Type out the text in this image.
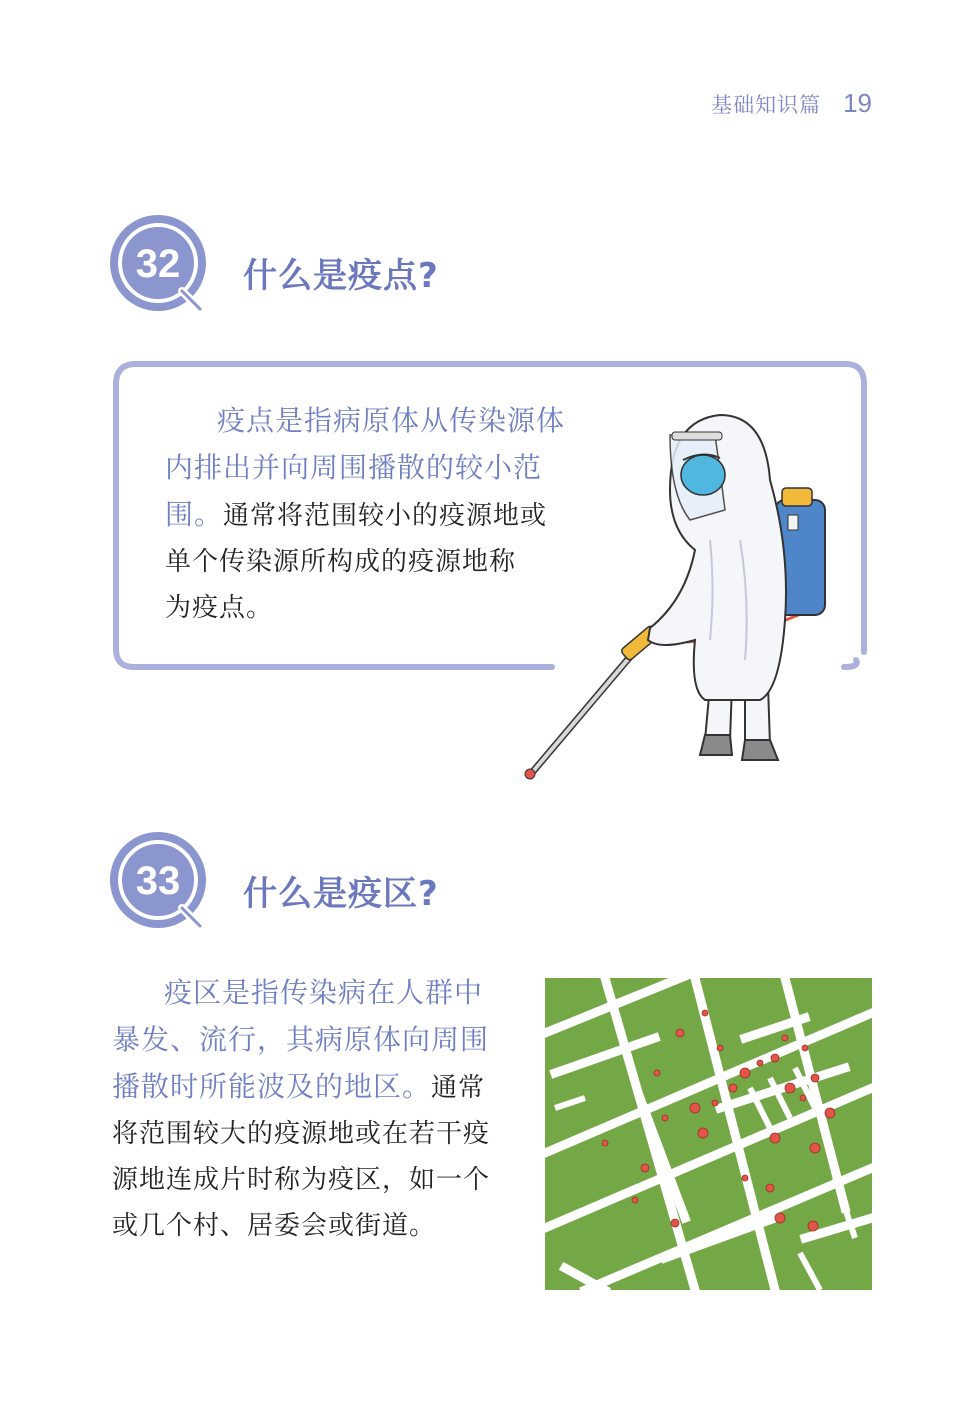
基础知识篇 19
32 什么是疫点?
疫点是指病原体从传染源体
内排出并向周围播散的较小范
围。通常将范围较小的疫源地或
单个传染源所构成的疫源地称
为疫点。
33 什么是疫区?
疫区是指传染病在人群中
暴发、流行，其病原体向周围
播散时所能波及的地区。通常
将范围较大的疫源地或在若干疫
源地连成片时称为疫区，如一个
或几个村、居委会或街道。
